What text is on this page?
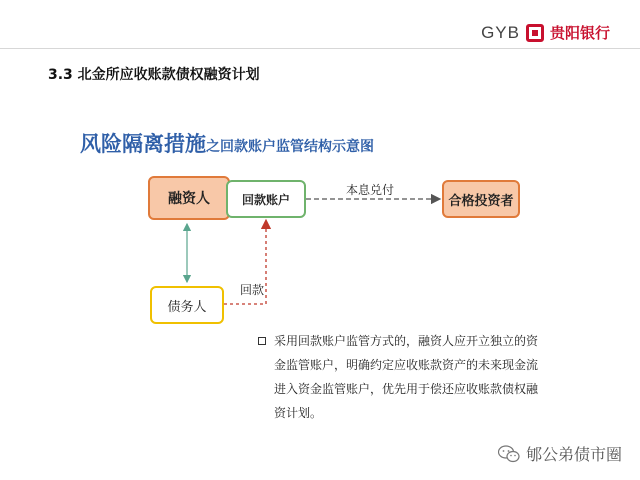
GYB 贵阳银行
3.3 北金所应收账款债权融资计划
风险隔离措施之回款账户监管结构示意图
融资人	回款账户	合格投资者
债务人
本息兑付
回款
采用回款账户监管方式的，融资人应开立独立的资金监管账户，明确约定应收账款资产的未来现金流进入资金监管账户，优先用于偿还应收账款债权融资计划。
郇公弟债市圈
